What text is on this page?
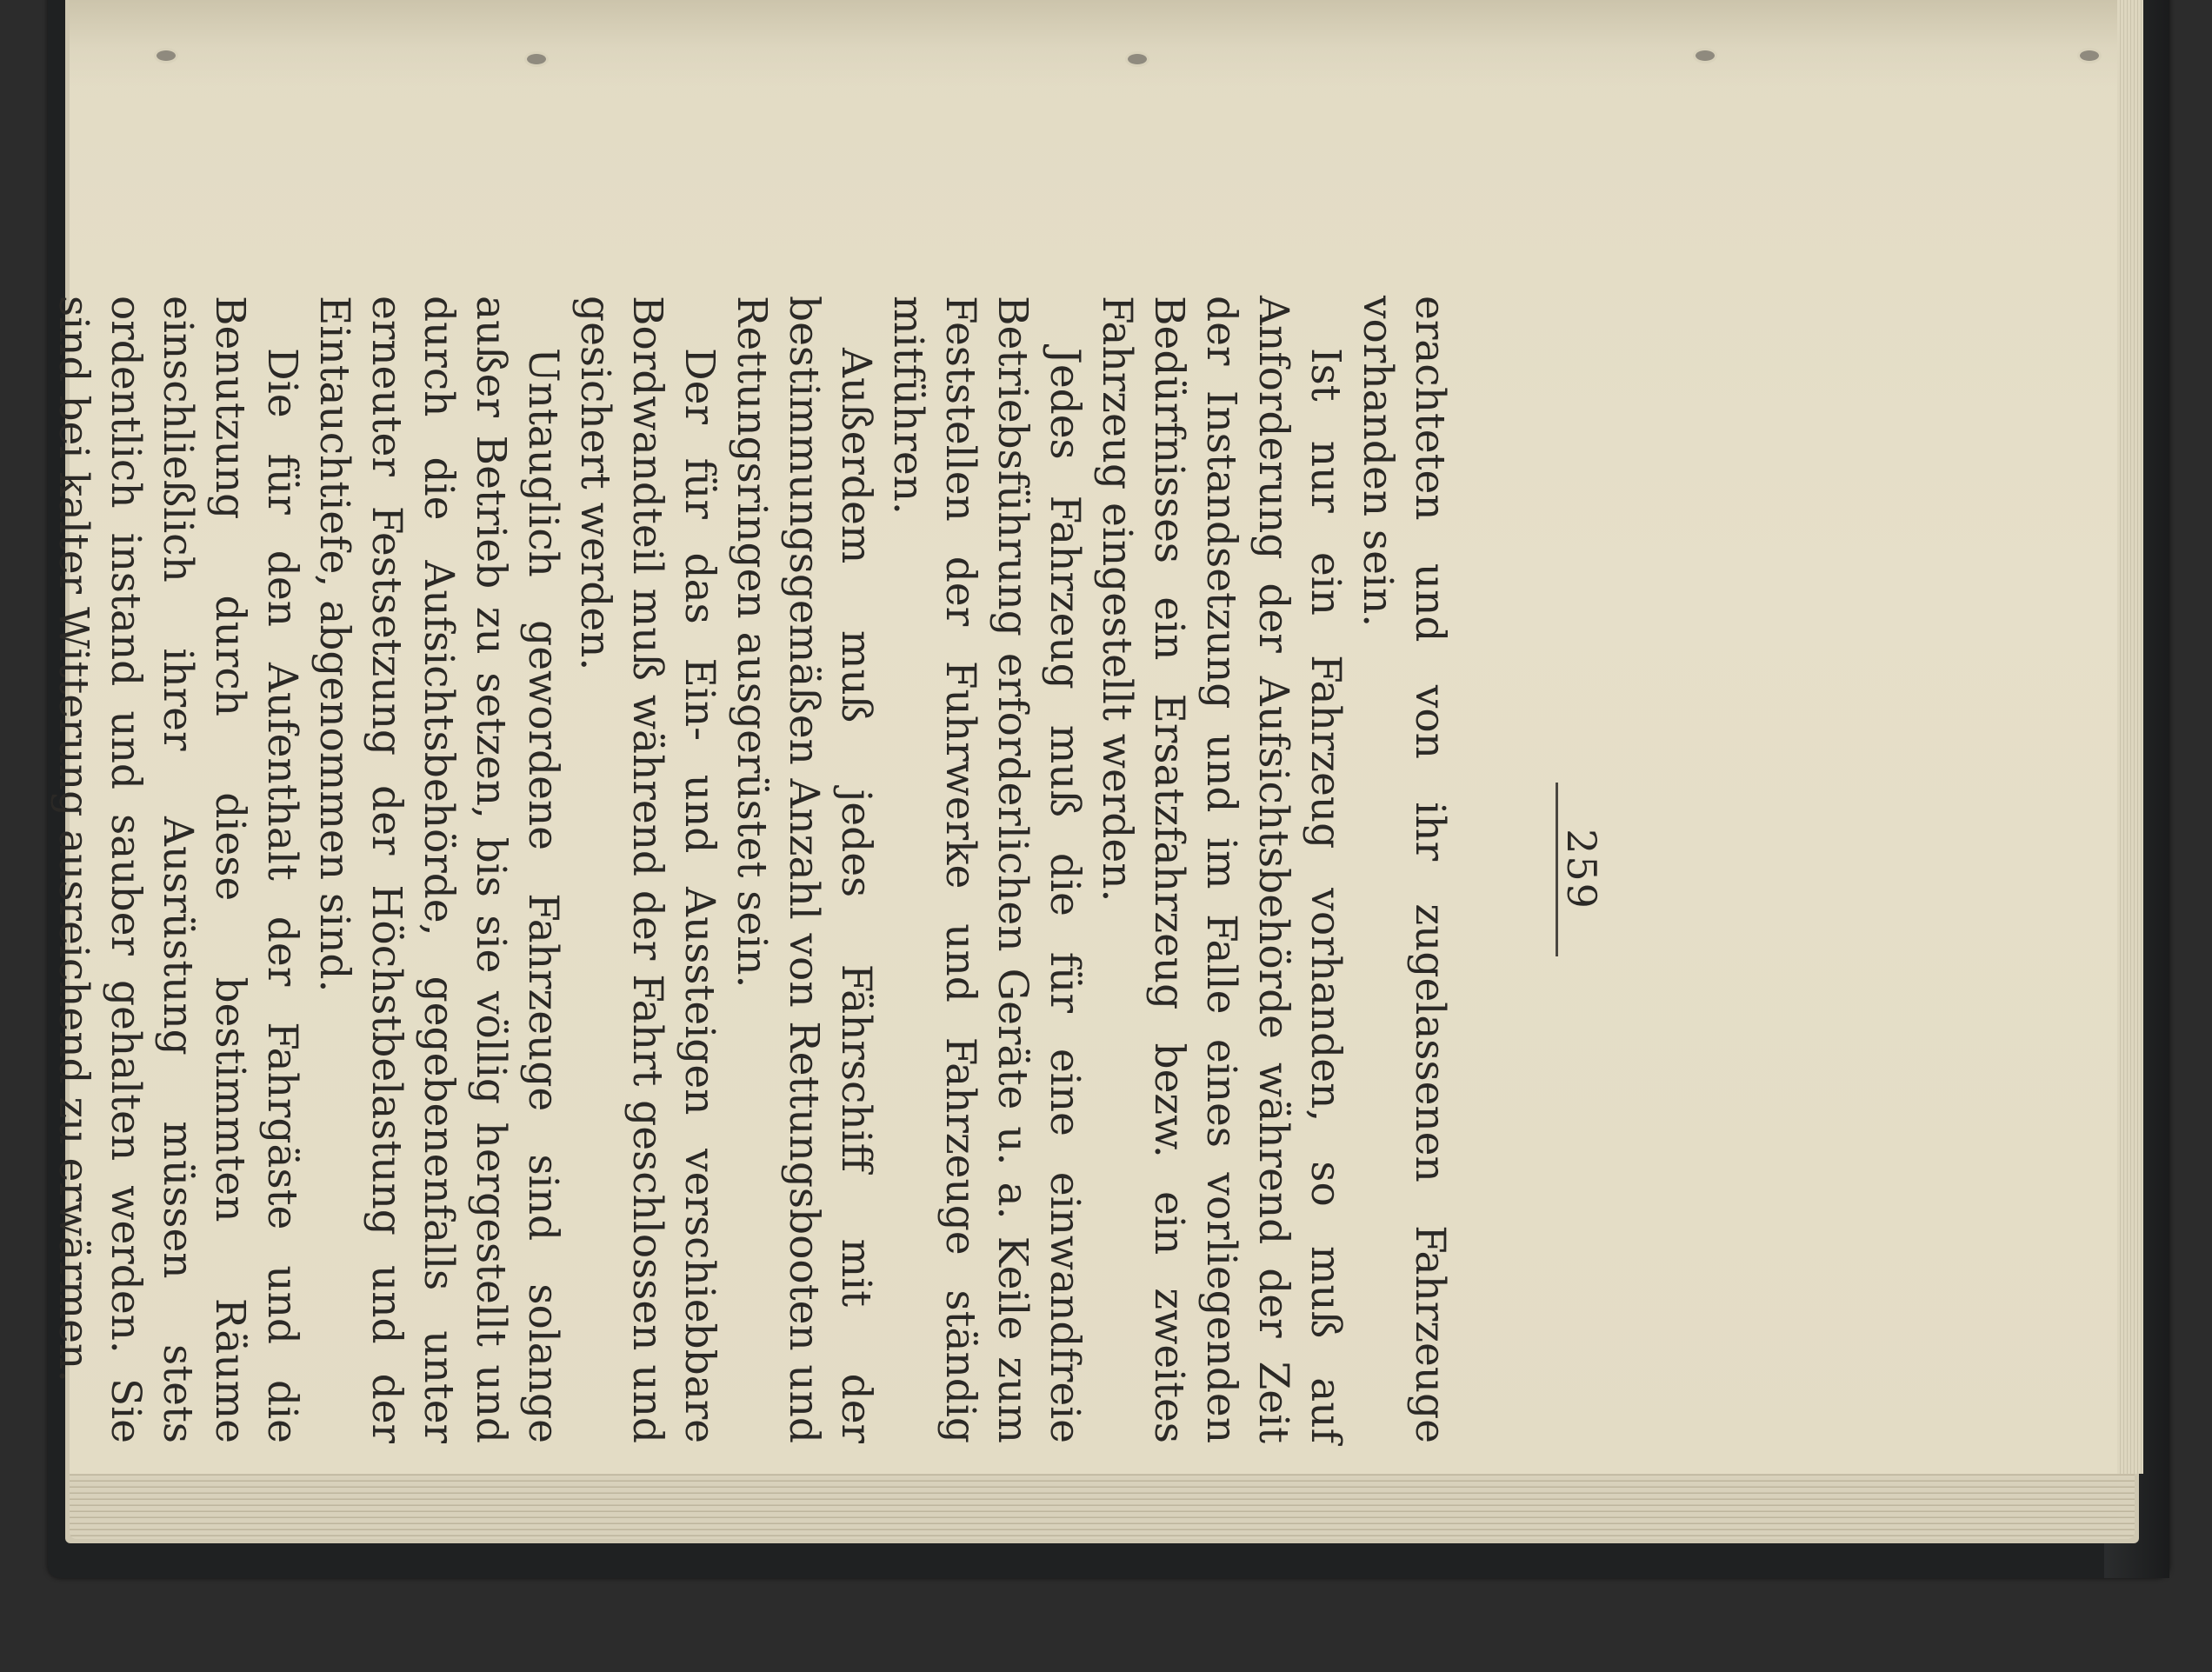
259

erachteten und von ihr zugelassenen Fahrzeuge vorhanden sein.

Ist nur ein Fahrzeug vorhanden, so muß auf Anforderung der Aufsichtsbehörde während der Zeit der Instandsetzung und im Falle eines vorliegenden Bedürfnisses ein Ersatzfahrzeug bezw. ein zweites Fahrzeug eingestellt werden.

Jedes Fahrzeug muß die für eine einwandfreie Betriebsführung erforderlichen Geräte u. a. Keile zum Feststellen der Fuhrwerke und Fahrzeuge ständig mitführen.

Außerdem muß jedes Fährschiff mit der bestimmungsgemäßen Anzahl von Rettungsbooten und Rettungsringen ausgerüstet sein.

Der für das Ein- und Aussteigen verschiebbare Bordwandteil muß während der Fahrt geschlossen und gesichert werden.

Untauglich gewordene Fahrzeuge sind solange außer Betrieb zu setzen, bis sie völlig hergestellt und durch die Aufsichtsbehörde, gegebenenfalls unter erneuter Festsetzung der Höchstbelastung und der Eintauchtiefe, abgenommen sind.

Die für den Aufenthalt der Fahrgäste und die Benutzung durch diese bestimmten Räume einschließlich ihrer Ausrüstung müssen stets ordentlich instand und sauber gehalten werden. Sie sind bei kalter Witterung ausreichend zu erwärmen.
